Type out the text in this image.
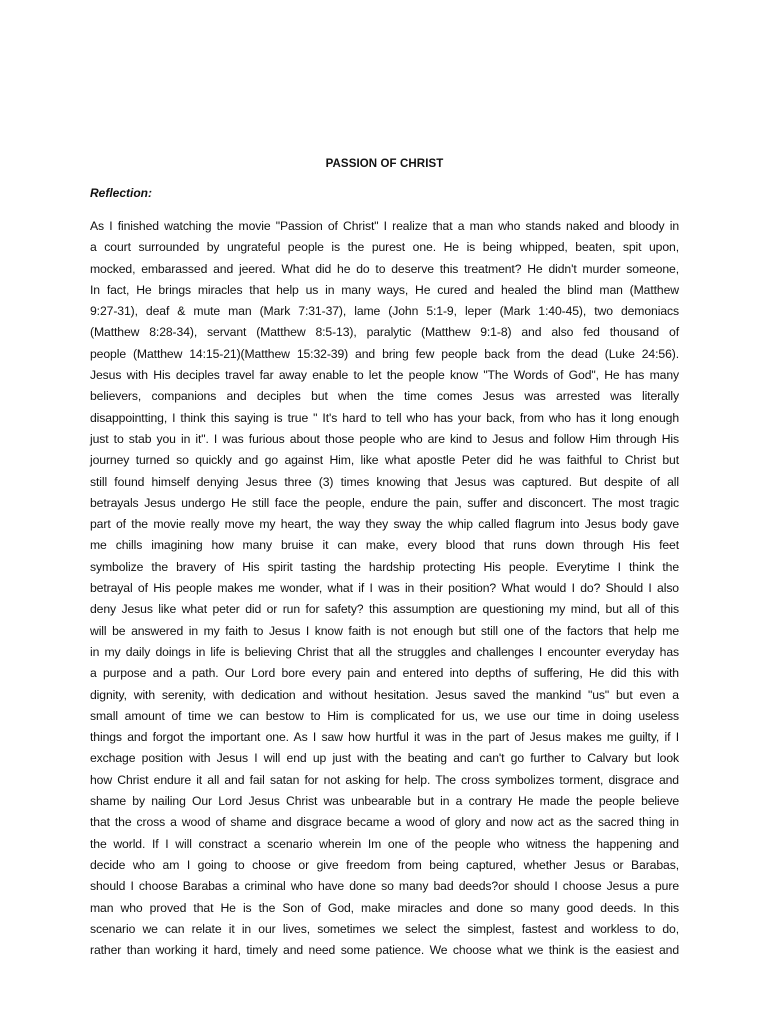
PASSION OF CHRIST
Reflection:
As I finished watching the movie "Passion of Christ" I realize that a man who stands naked and bloody in
a court surrounded by ungrateful people is the purest one. He is being whipped, beaten, spit upon,
mocked, embarassed and jeered. What did he do to deserve this treatment? He didn't murder someone,
In fact, He brings miracles that help us in many ways, He cured and healed the blind man (Matthew
9:27-31), deaf & mute man (Mark 7:31-37), lame (John 5:1-9, leper (Mark 1:40-45), two demoniacs
(Matthew 8:28-34), servant (Matthew 8:5-13), paralytic (Matthew 9:1-8) and also fed thousand of
people (Matthew 14:15-21)(Matthew 15:32-39) and bring few people back from the dead (Luke 24:56).
Jesus with His deciples travel far away enable to let the people know "The Words of God", He has many
believers, companions and deciples but when the time comes Jesus was arrested was literally
disappointting, I think this saying is true " It's hard to tell who has your back, from who has it long enough
just to stab you in it". I was furious about those people who are kind to Jesus and follow Him through His
journey turned so quickly and go against Him, like what apostle Peter did he was faithful to Christ but
still found himself denying Jesus three (3) times knowing that Jesus was captured. But despite of all
betrayals Jesus undergo He still face the people, endure the pain, suffer and disconcert. The most tragic
part of the movie really move my heart, the way they sway the whip called flagrum into Jesus body gave
me chills imagining how many bruise it can make, every blood that runs down through His feet
symbolize the bravery of His spirit tasting the hardship protecting His people. Everytime I think the
betrayal of His people makes me wonder, what if I was in their position? What would I do? Should I also
deny Jesus like what peter did or run for safety? this assumption are questioning my mind, but all of this
will be answered in my faith to Jesus I know faith is not enough but still one of the factors that help me
in my daily doings in life is believing Christ that all the struggles and challenges I encounter everyday has
a purpose and a path. Our Lord bore every pain and entered into depths of suffering, He did this with
dignity, with serenity, with dedication and without hesitation. Jesus saved the mankind "us" but even a
small amount of time we can bestow to Him is complicated for us, we use our time in doing useless
things and forgot the important one. As I saw how hurtful it was in the part of Jesus makes me guilty, if I
exchage position with Jesus I will end up just with the beating and can't go further to Calvary but look
how Christ endure it all and fail satan for not asking for help. The cross symbolizes torment, disgrace and
shame by nailing Our Lord Jesus Christ was unbearable but in a contrary He made the people believe
that the cross a wood of shame and disgrace became a wood of glory and now act as the sacred thing in
the world. If I will constract a scenario wherein Im one of the people who witness the happening and
decide who am I going to choose or give freedom from being captured, whether Jesus or Barabas,
should I choose Barabas a criminal who have done so many bad deeds?or should I choose Jesus a pure
man who proved that He is the Son of God, make miracles and done so many good deeds. In this
scenario we can relate it in our lives, sometimes we select the simplest, fastest and workless to do,
rather than working it hard, timely and need some patience. We choose what we think is the easiest and
